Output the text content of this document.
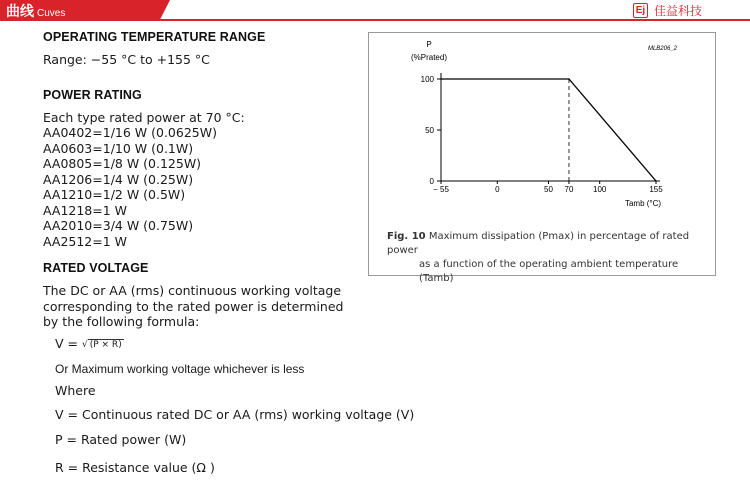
曲线 Cuves	Ej 佳益科技
OPERATING TEMPERATURE RANGE
Range: −55 °C to +155 °C
POWER RATING
Each type rated power at 70 °C:
AA0402=1/16 W (0.0625W)
AA0603=1/10 W (0.1W)
AA0805=1/8 W (0.125W)
AA1206=1/4 W (0.25W)
AA1210=1/2 W (0.5W)
AA1218=1 W
AA2010=3/4 W (0.75W)
AA2512=1 W
RATED VOLTAGE
The DC or AA (rms) continuous working voltage corresponding to the rated power is determined by the following formula:
V = √ (P × R)
Or Maximum working voltage whichever is less
Where
V = Continuous rated DC or AA (rms) working voltage (V)
P = Rated power (W)
R = Resistance value (Ω )
0
50
100
− 55	0	50 70 100	155
P
(%Prated)
Tamb (°C)
MLB206_2
Fig. 10 Maximum dissipation (Pmax) in percentage of rated power
as a function of the operating ambient temperature (Tamb)
